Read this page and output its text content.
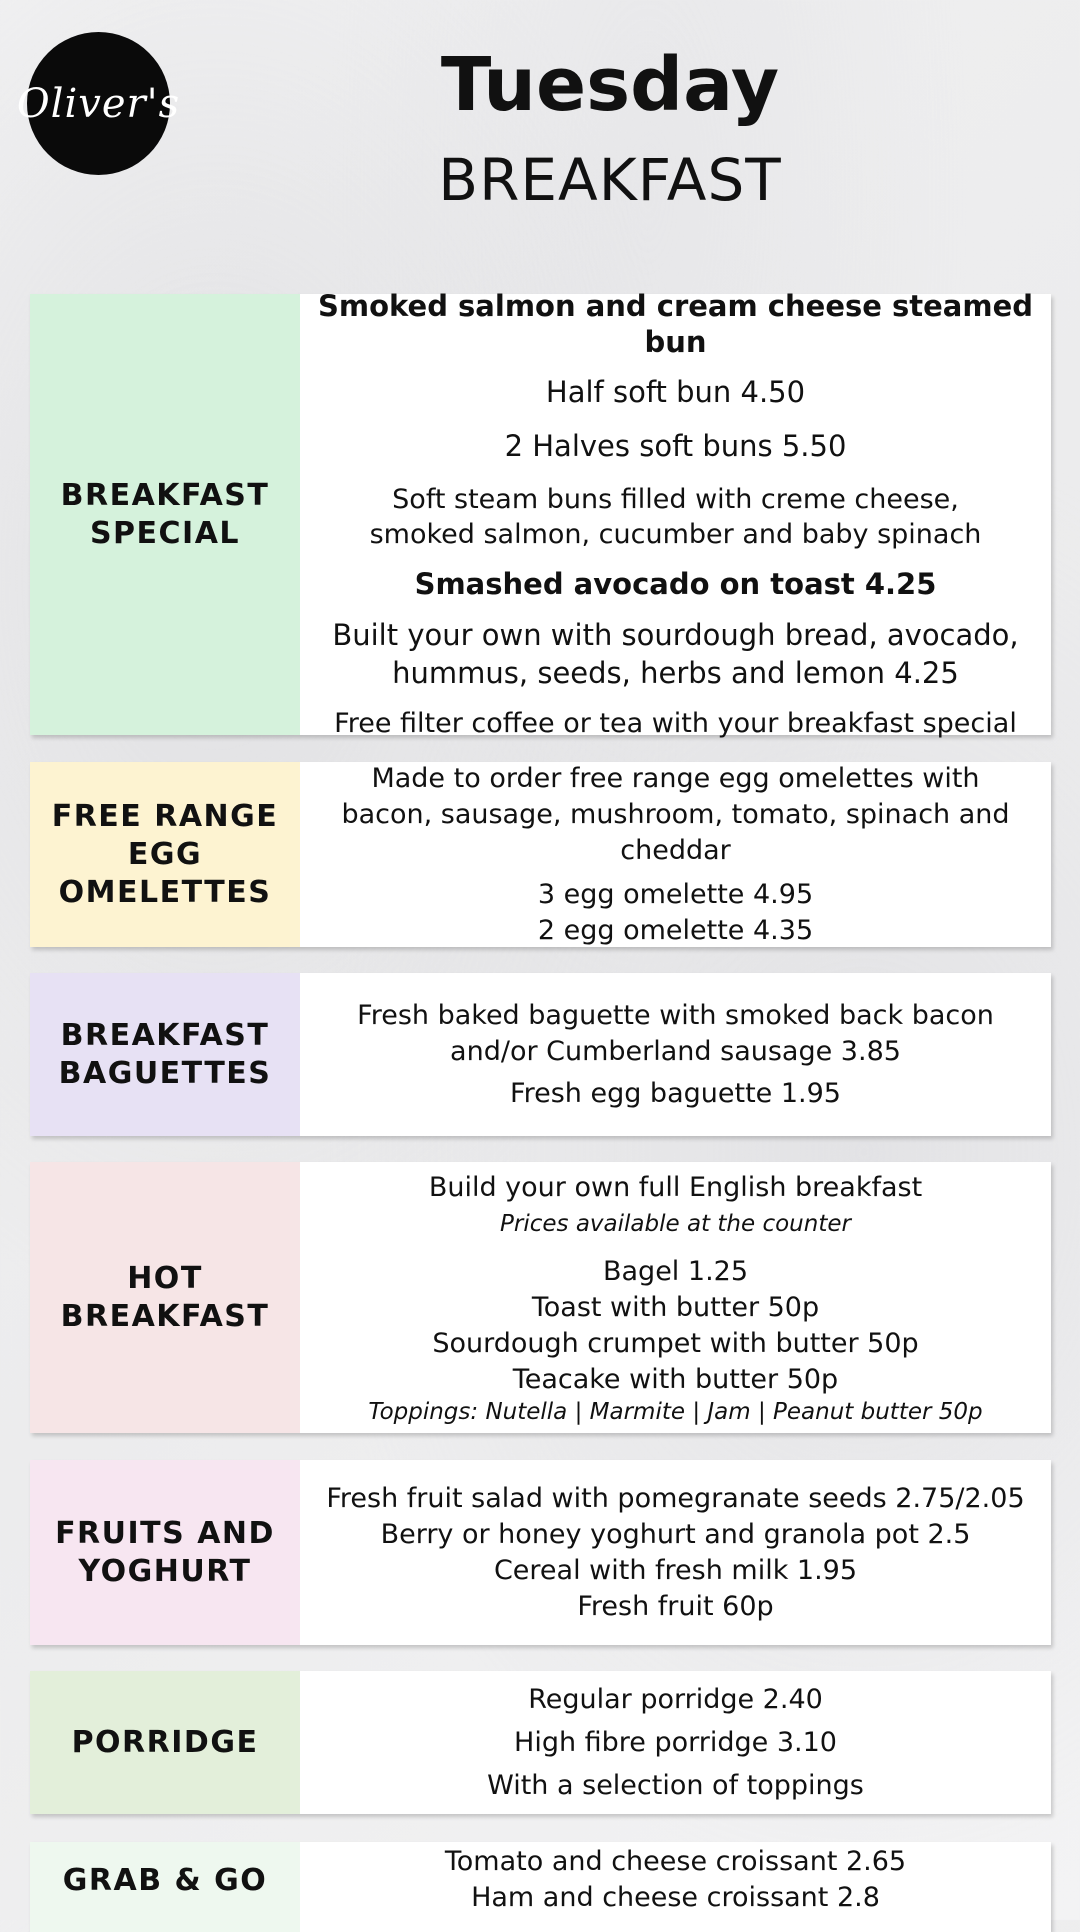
Oliver's	Tuesday
BREAKFAST
BREAKFAST
SPECIAL
Smoked salmon and cream cheese steamed bun
Half soft bun 4.50
2 Halves soft buns 5.50
Soft steam buns filled with creme cheese, smoked salmon, cucumber and baby spinach
Smashed avocado on toast 4.25
Built your own with sourdough bread, avocado, hummus, seeds, herbs and lemon 4.25
Free filter coffee or tea with your breakfast special
FREE RANGE
EGG
OMELETTES
Made to order free range egg omelettes with bacon, sausage, mushroom, tomato, spinach and cheddar
3 egg omelette 4.95
2 egg omelette 4.35
BREAKFAST
BAGUETTES
Fresh baked baguette with smoked back bacon and/or Cumberland sausage 3.85
Fresh egg baguette 1.95
HOT
BREAKFAST
Build your own full English breakfast
Prices available at the counter
Bagel 1.25
Toast with butter 50p
Sourdough crumpet with butter 50p
Teacake with butter 50p
Toppings: Nutella | Marmite | Jam | Peanut butter 50p
FRUITS AND
YOGHURT
Fresh fruit salad with pomegranate seeds 2.75/2.05
Berry or honey yoghurt and granola pot 2.5
Cereal with fresh milk 1.95
Fresh fruit 60p
PORRIDGE
Regular porridge 2.40
High fibre porridge 3.10
With a selection of toppings
GRAB & GO
Tomato and cheese croissant 2.65
Ham and cheese croissant 2.8
